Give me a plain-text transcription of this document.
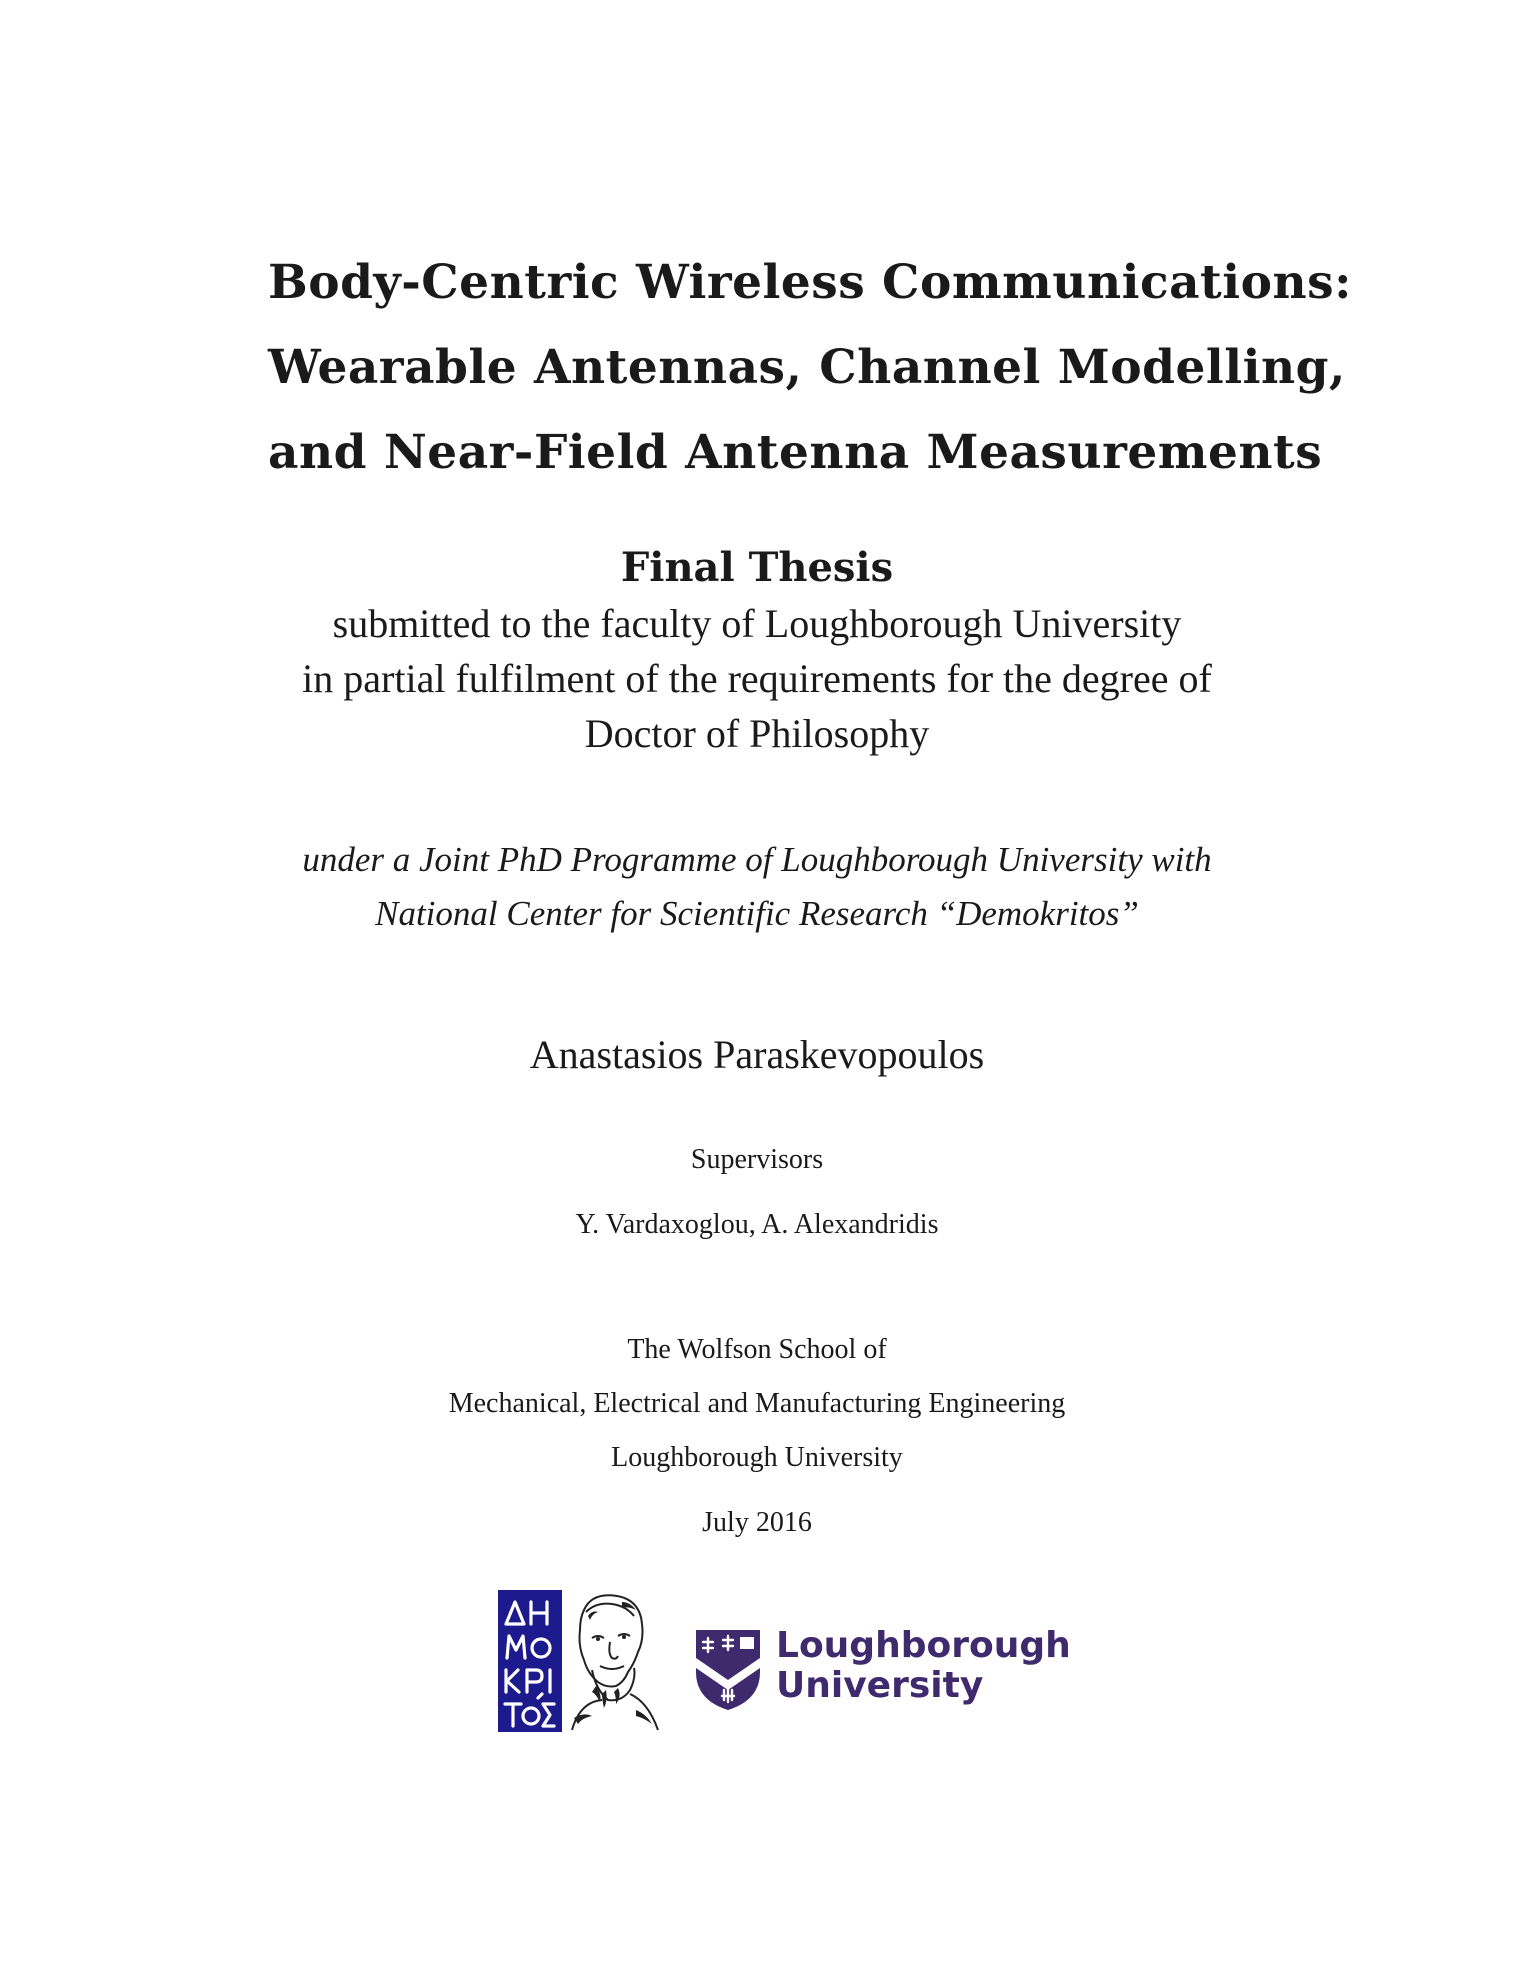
Body-Centric Wireless Communications:
Wearable Antennas, Channel Modelling,
and Near-Field Antenna Measurements
Final Thesis
submitted to the faculty of Loughborough University
in partial fulfilment of the requirements for the degree of
Doctor of Philosophy
under a Joint PhD Programme of Loughborough University with
National Center for Scientific Research “Demokritos”
Anastasios Paraskevopoulos
Supervisors
Y. Vardaxoglou, A. Alexandridis
The Wolfson School of
Mechanical, Electrical and Manufacturing Engineering
Loughborough University
July 2016
Loughborough
University
